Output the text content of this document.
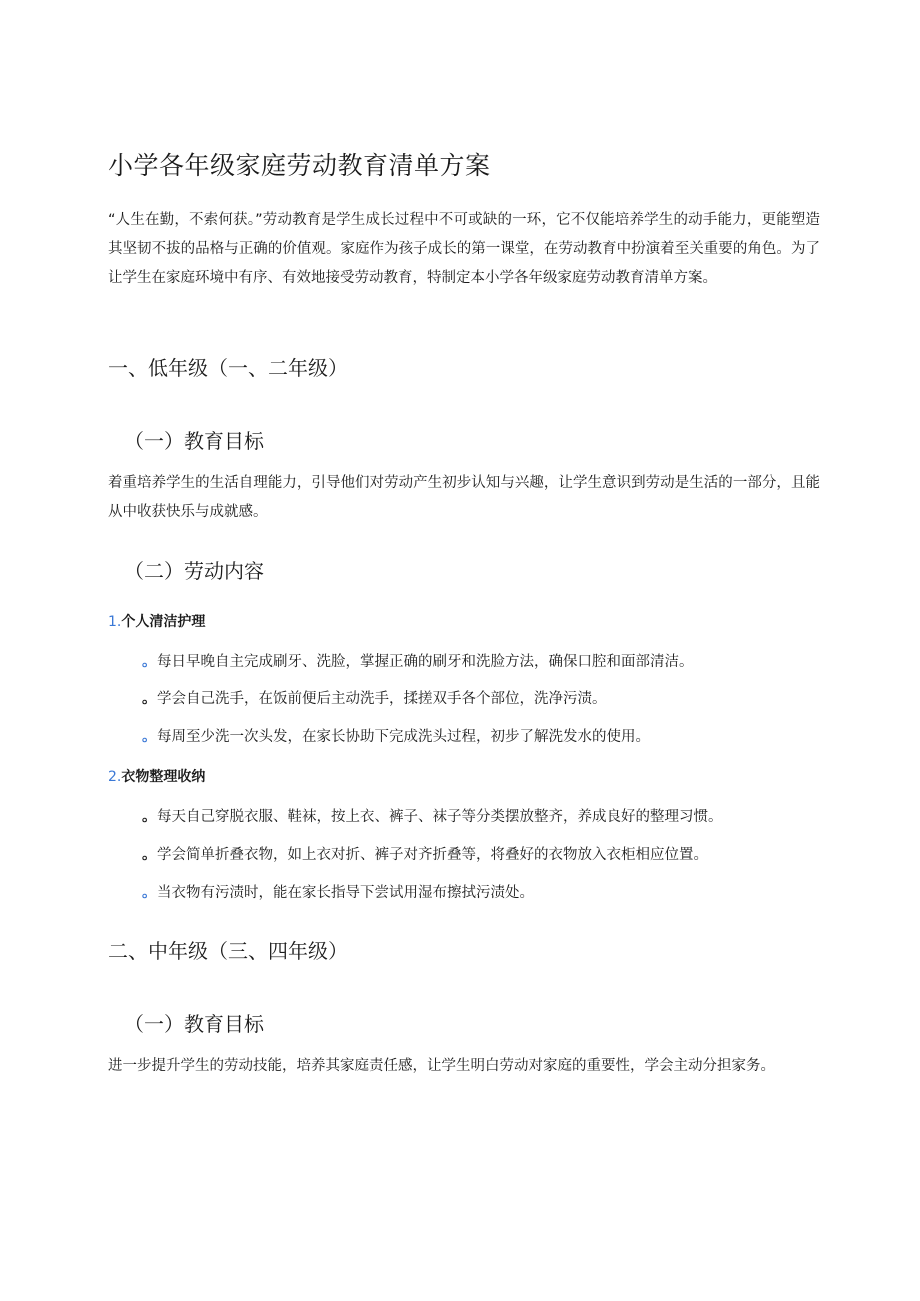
小学各年级家庭劳动教育清单方案

“人生在勤，不索何获。”劳动教育是学生成长过程中不可或缺的一环，它不仅能培养学生的动手能力，更能塑造其坚韧不拔的品格与正确的价值观。家庭作为孩子成长的第一课堂，在劳动教育中扮演着至关重要的角色。为了让学生在家庭环境中有序、有效地接受劳动教育，特制定本小学各年级家庭劳动教育清单方案。

一、低年级（一、二年级）
（一）教育目标

着重培养学生的生活自理能力，引导他们对劳动产生初步认知与兴趣，让学生意识到劳动是生活的一部分，且能从中收获快乐与成就感。

（二）劳动内容
1.个人清洁护理
。每日早晚自主完成刷牙、洗脸，掌握正确的刷牙和洗脸方法，确保口腔和面部清洁。
。学会自己洗手，在饭前便后主动洗手，揉搓双手各个部位，洗净污渍。
。每周至少洗一次头发，在家长协助下完成洗头过程，初步了解洗发水的使用。
2.衣物整理收纳
。每天自己穿脱衣服、鞋袜，按上衣、裤子、袜子等分类摆放整齐，养成良好的整理习惯。
。学会简单折叠衣物，如上衣对折、裤子对齐折叠等，将叠好的衣物放入衣柜相应位置。
。当衣物有污渍时，能在家长指导下尝试用湿布擦拭污渍处。
二、中年级（三、四年级）
（一）教育目标

进一步提升学生的劳动技能，培养其家庭责任感，让学生明白劳动对家庭的重要性，学会主动分担家务。
